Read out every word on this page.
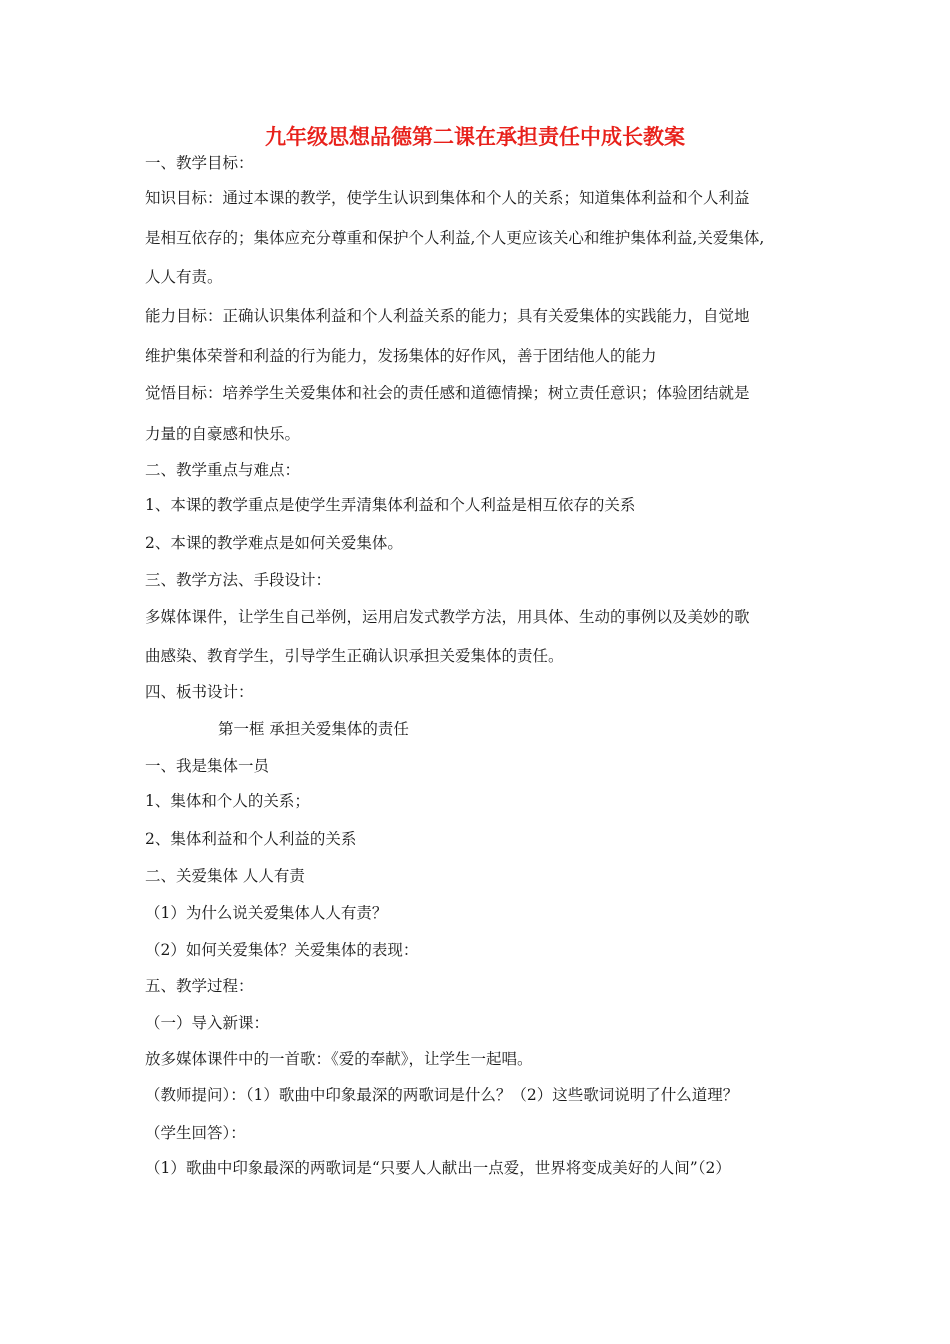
九年级思想品德第二课在承担责任中成长教案
一、教学目标：
知识目标：通过本课的教学，使学生认识到集体和个人的关系；知道集体利益和个人利益
是相互依存的；集体应充分尊重和保护个人利益,个人更应该关心和维护集体利益,关爱集体,
人人有责。
能力目标：正确认识集体利益和个人利益关系的能力；具有关爱集体的实践能力，自觉地
维护集体荣誉和利益的行为能力，发扬集体的好作风，善于团结他人的能力
觉悟目标：培养学生关爱集体和社会的责任感和道德情操；树立责任意识；体验团结就是
力量的自豪感和快乐。
二、教学重点与难点：
1、本课的教学重点是使学生弄清集体利益和个人利益是相互依存的关系
2、本课的教学难点是如何关爱集体。
三、教学方法、手段设计：
多媒体课件，让学生自己举例，运用启发式教学方法，用具体、生动的事例以及美妙的歌
曲感染、教育学生，引导学生正确认识承担关爱集体的责任。
四、板书设计：
第一框 承担关爱集体的责任
一、我是集体一员
1、集体和个人的关系；
2、集体利益和个人利益的关系
二、关爱集体 人人有责
（1）为什么说关爱集体人人有责？
（2）如何关爱集体？关爱集体的表现：
五、教学过程：
（一）导入新课：
放多媒体课件中的一首歌：《爱的奉献》，让学生一起唱。
（教师提问）：（1）歌曲中印象最深的两歌词是什么？（2）这些歌词说明了什么道理？
（学生回答）：
（1）歌曲中印象最深的两歌词是“只要人人献出一点爱，世界将变成美好的人间”（2）
